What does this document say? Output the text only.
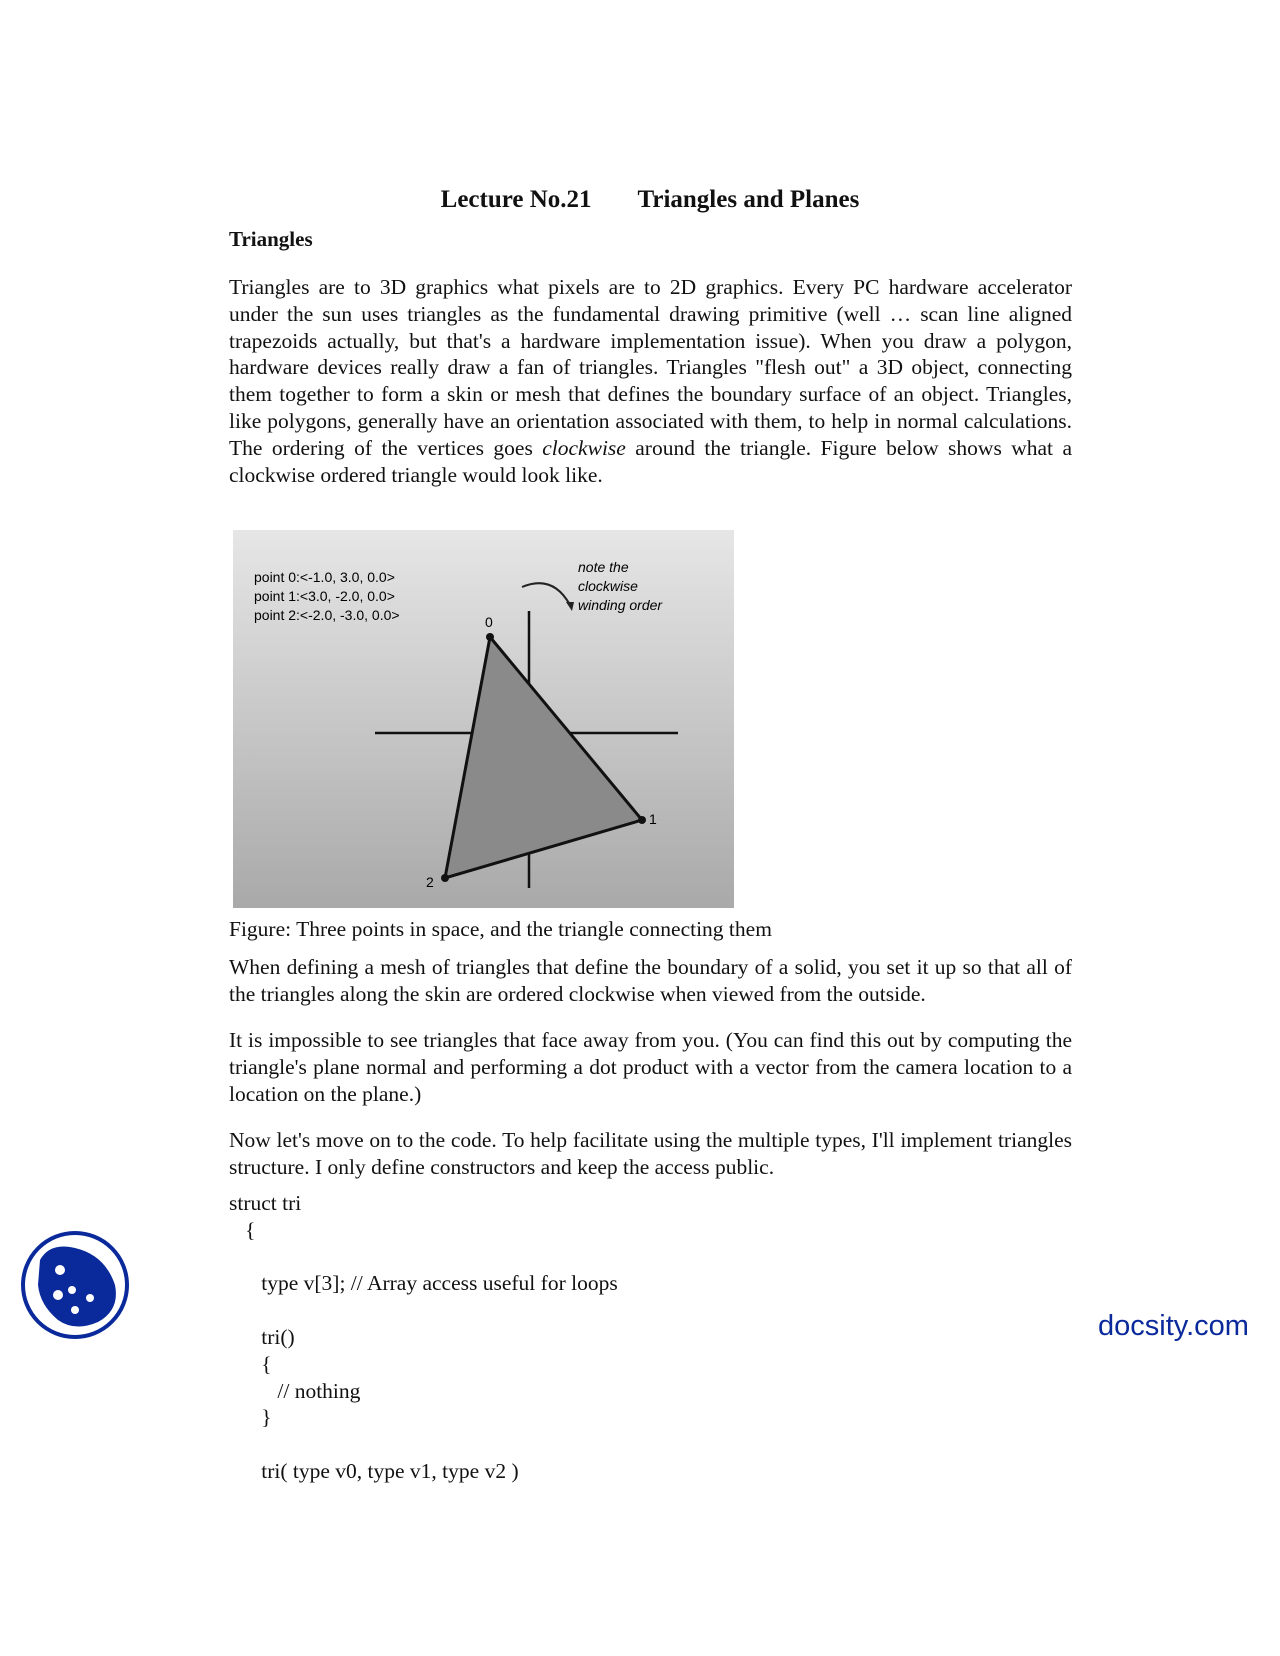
Lecture No.21 Triangles and Planes
Triangles
Triangles are to 3D graphics what pixels are to 2D graphics. Every PC hardware accelerator under the sun uses triangles as the fundamental drawing primitive (well … scan line aligned trapezoids actually, but that's a hardware implementation issue). When you draw a polygon, hardware devices really draw a fan of triangles. Triangles "flesh out" a 3D object, connecting them together to form a skin or mesh that defines the boundary surface of an object. Triangles, like polygons, generally have an orientation associated with them, to help in normal calculations. The ordering of the vertices goes clockwise around the triangle. Figure below shows what a clockwise ordered triangle would look like.
point 0:<-1.0, 3.0, 0.0>
point 1:<3.0, -2.0, 0.0>
point 2:<-2.0, -3.0, 0.0>
note the
clockwise
winding order
0
1
2
Figure: Three points in space, and the triangle connecting them
When defining a mesh of triangles that define the boundary of a solid, you set it up so that all of the triangles along the skin are ordered clockwise when viewed from the outside.
It is impossible to see triangles that face away from you. (You can find this out by computing the triangle's plane normal and performing a dot product with a vector from the camera location to a location on the plane.)
Now let's move on to the code. To help facilitate using the multiple types, I'll implement triangles structure. I only define constructors and keep the access public.
struct tri
{

type v[3]; // Array access useful for loops

tri()
{
// nothing
}

tri( type v0, type v1, type v2 )
docsity.com
